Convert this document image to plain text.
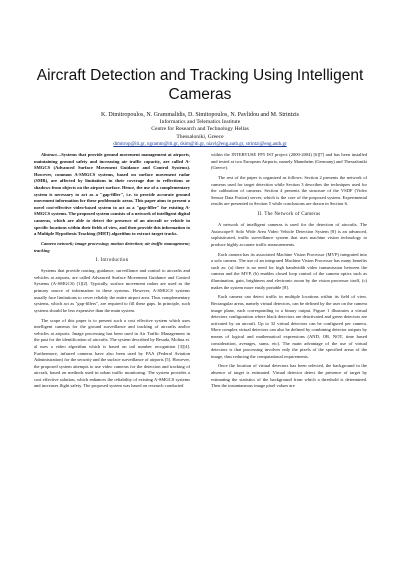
Aircraft Detection and Tracking Using Intelligent Cameras
K. Dimitropoulos, N. Grammalidis, D. Simitopoulos, N. Pavlidou and M. Strintzis
Informatics and Telematics Institute
Centre for Research and Technology Hellas
Thessaloniki, Greece
dimitrop@iti.gr, ngramm@iti.gr, dsim@iti.gr, niavl@eng.auth.gr, strintzi@eng.auth.gr

Abstract—Systems that provide ground movement management at airports, maintaining ground safety and increasing air traffic capacity, are called A-SMGCS (Advanced Surface Movement Guidance and Control Systems). However, common A-SMGCS systems, based on surface movement radar (SMR), are affected by limitations in their coverage due to reflections or shadows from objects on the airport surface. Hence, the use of a complementary system is necessary to act as a "gap-filler", i.e. to provide accurate ground movement information for these problematic areas. This paper aims to present a novel cost-effective video-based system to act as a "gap-filler" for existing A-SMGCS systems. The proposed system consists of a network of intelligent digital cameras, which are able to detect the presence of an aircraft or vehicle in specific locations within their fields of view, and then provide this information to a Multiple Hypothesis Tracking (MHT) algorithm to extract target tracks.

Camera network; image processing; motion detection; air traffic management; tracking

I. Introduction

Systems that provide routing, guidance, surveillance and control to aircrafts and vehicles at airports, are called Advanced Surface Movement Guidance and Control Systems (A-SMGCS) [1][2]. Typically, surface movement radars are used as the primary source of information in these systems. However, A-SMGCS systems usually face limitations to cover reliably the entire airport area. Thus complementary systems, which act as "gap-fillers", are required to fill these gaps. In principle, such systems should be less expensive than the main system.

The scope of this paper is to present such a cost effective system which uses intelligent cameras for the ground surveillance and tracking of aircrafts and/or vehicles at airports. Image processing has been used in Air Traffic Management in the past for the identification of aircrafts. The system described by Besada, Molina et. al uses a video algorithm which is based on tail number recognition [3][4]. Furthermore, infrared cameras have also been used by FAA (Federal Aviation Administration) for the security and the surface surveillance of airports [5]. However, the proposed system attempts to use video cameras for the detection and tracking of aircraft, based on methods used in urban traffic monitoring. The system provides a cost effective solution, which enhances the reliability of existing A-SMGCS systems and increases flight safety. The proposed system was based on research conducted

within the INTERVUSE FP5 IST project (2000-2004) [6][7] and has been installed and tested at two European Airports, namely Mannheim (Germany) and Thessaloniki (Greece).

The rest of the paper is organized as follows: Section 2 presents the network of cameras used for target detection while Section 3 describes the techniques used for the calibration of cameras. Section 4 presents the structure of the VSDF (Video Sensor Data Fusion) server, which is the core of the proposed system. Experimental results are presented in Section 5 while conclusions are drawn in Section 6.

II. The Network of Cameras

A network of intelligent cameras is used for the detection of aircrafts. The Autoscope® Solo Wide Area Video Vehicle Detection System [8] is an advanced, sophisticated, traffic surveillance system that uses machine vision technology to produce highly accurate traffic measurements.

Each camera has its associated Machine Vision Processor (MVP) integrated into a solo camera. The use of an integrated Machine Vision Processor has many benefits such as: (a) there is no need for high bandwidth video transmission between the camera and the MVP, (b) enables closed loop control of the camera optics such as illumination, gain, brightness and electronic zoom by the vision processor itself, (c) makes the system more easily portable [8].

Each camera can detect traffic in multiple locations within its field of view. Rectangular areas, namely virtual detectors, can be defined by the user on the camera image plane, each corresponding to a binary output. Figure 1 illustrates a virtual detectors configuration where black detectors are deactivated and green detectors are activated by an aircraft. Up to 32 virtual detectors can be configured per camera. More complex virtual detectors can also be defined by combining detector outputs by means of logical and mathematical expressions (AND, OR, NOT, time based consideration, averages, sums, etc). The main advantage of the use of virtual detectors is that processing involves only the pixels of the specified areas of the image, thus reducing the computational requirements.

Once the location of virtual detectors has been selected, the background in the absence of target is estimated. Virtual detector detect the presence of target by estimating the statistics of the background from which a threshold is determined. Then the instantaneous image pixel values are
